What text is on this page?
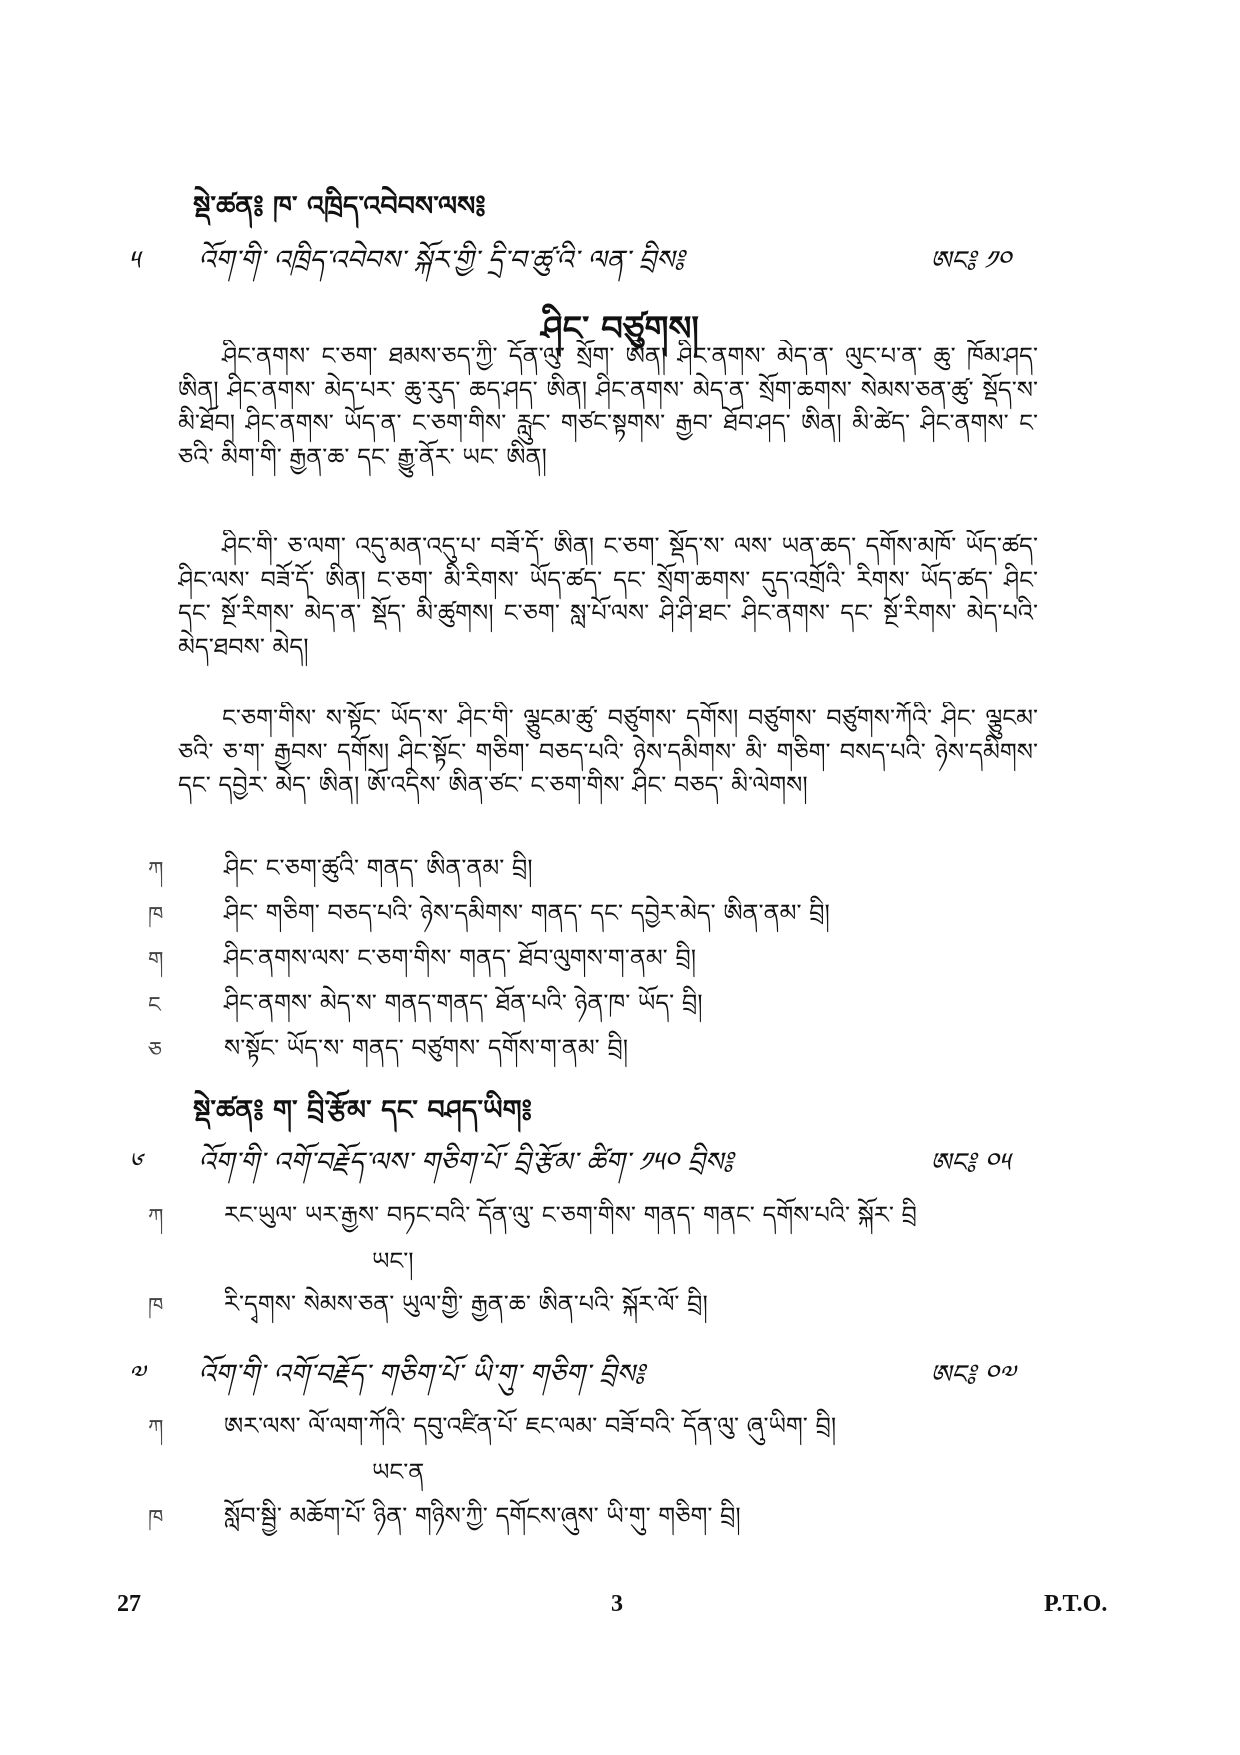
སྡེ་ཚན༔ ཁ་ འཁྲིད་འབེབས་ལས༔
༥ འོག་གི་ འཁྲིད་འབེབས་ སྐོར་གྱི་ དྲི་བ་ཚུ་འི་ ལན་ བྲིས༔	ཨང༔ ༡༠
ཤིང་ བཙུགས།
ཤིང་ནགས་ ང་ཅག་ ཐམས་ཅད་ཀྱི་ དོན་ལུ་ སྲོག་ ཨིན། ཤིང་ནགས་ མེད་ན་ ལུང་པ་ན་ ཆུ་ ཁོམ་ཤད་ ཨིན། ཤིང་ནགས་ མེད་པར་ ཆུ་རུད་ ཆད་ཤད་ ཨིན། ཤིང་ནགས་ མེད་ན་ སྲོག་ཆགས་ སེམས་ཅན་ཚུ་ སྡོད་ས་ མི་ཐོབ། ཤིང་ནགས་ ཡོད་ན་ ང་ཅག་གིས་ རླུང་ གཙང་སྟགས་ རྒྱབ་ ཐོབ་ཤད་ ཨིན། མི་ཚེད་ ཤིང་ནགས་ ང་ཅའི་ མིག་གི་ རྒྱན་ཆ་ དང་ རྒྱུ་ནོར་ ཡང་ ཨིན།
ཤིང་གི་ ཅ་ལག་ འདུ་མན་འདུ་པ་ བཟོ་དོ་ ཨིན། ང་ཅག་ སྡོད་ས་ ལས་ ཡན་ཆད་ དགོས་མཁོ་ ཡོད་ཚད་ ཤིང་ལས་ བཟོ་དོ་ ཨིན། ང་ཅག་ མི་རིགས་ ཡོད་ཚད་ དང་ སྲོག་ཆགས་ དུད་འགྲོའི་ རིགས་ ཡོད་ཚད་ ཤིང་ དང་ སྔོ་རིགས་ མེད་ན་ སྡོད་ མི་ཚུགས། ང་ཅག་ སླ་པོ་ལས་ ཤི་ཤི་ཐང་ ཤིང་ནགས་ དང་ སྔོ་རིགས་ མེད་པའི་ མེད་ཐབས་ མེད།
ང་ཅག་གིས་ ས་སྟོང་ ཡོད་ས་ ཤིང་གི་ ལྕུངམ་ཚུ་ བཙུགས་ དགོས། བཙུགས་ བཙུགས་ཀོའི་ ཤིང་ ལྕུངམ་ཅའི་ ཅ་ག་ རྒྱབས་ དགོས། ཤིང་སྟོང་ གཅིག་ བཅད་པའི་ ཉེས་དམིགས་ མི་ གཅིག་ བསད་པའི་ ཉེས་དམིགས་ དང་ དབྱེར་ མེད་ ཨིན། ཨོ་འདིས་ ཨིན་ཙང་ ང་ཅག་གིས་ ཤིང་ བཅད་ མི་ལེགས།
ཀ	ཤིང་ ང་ཅག་ཚུའི་ གནད་ ཨིན་ནམ་ བྲི།
ཁ	ཤིང་ གཅིག་ བཅད་པའི་ ཉེས་དམིགས་ གནད་ དང་ དབྱེར་མེད་ ཨིན་ནམ་ བྲི།
ག	ཤིང་ནགས་ལས་ ང་ཅག་གིས་ གནད་ ཐོབ་ལུགས་ག་ནམ་ བྲི།
ང	ཤིང་ནགས་ མེད་ས་ གནད་གནད་ ཐོན་པའི་ ཉེན་ཁ་ ཡོད་ བྲི།
ཅ	ས་སྟོང་ ཡོད་ས་ གནད་ བཙུགས་ དགོས་ག་ནམ་ བྲི།
སྡེ་ཚན༔ ག་ བྲི་རྩོམ་ དང་ བཤད་ཡིག༔
༦ འོག་གི་ འགོ་བརྗོད་ལས་ གཅིག་པོ་ བྲི་རྩོམ་ ཚིག་ ༡༥༠ བྲིས༔	ཨང༔ ༠༥
ཀ	རང་ཡུལ་ ཡར་རྒྱས་ བཏང་བའི་ དོན་ལུ་ ང་ཅག་གིས་ གནད་ གནང་ དགོས་པའི་ སྐོར་ བྲི
ཡང་།
ཁ	རི་དྭགས་ སེམས་ཅན་ ཡུལ་གྱི་ རྒྱན་ཆ་ ཨིན་པའི་ སྐོར་ལོ་ བྲི།
༧ འོག་གི་ འགོ་བརྗོད་ གཅིག་པོ་ ཡི་གུ་ གཅིག་ བྲིས༔	ཨང༔ ༠༧
ཀ	ཨར་ལས་ ལོ་ལག་ཀོའི་ དབུ་འཛིན་པོ་ ཇང་ལམ་ བཟོ་བའི་ དོན་ལུ་ ཞུ་ཡིག་ བྲི།
ཡང་ན
ཁ	སློབ་སྦྱི་ མཆོག་པོ་ ཉིན་ གཉིས་ཀྱི་ དགོངས་ཞུས་ ཡི་གུ་ གཅིག་ བྲི།
27	3	P.T.O.
